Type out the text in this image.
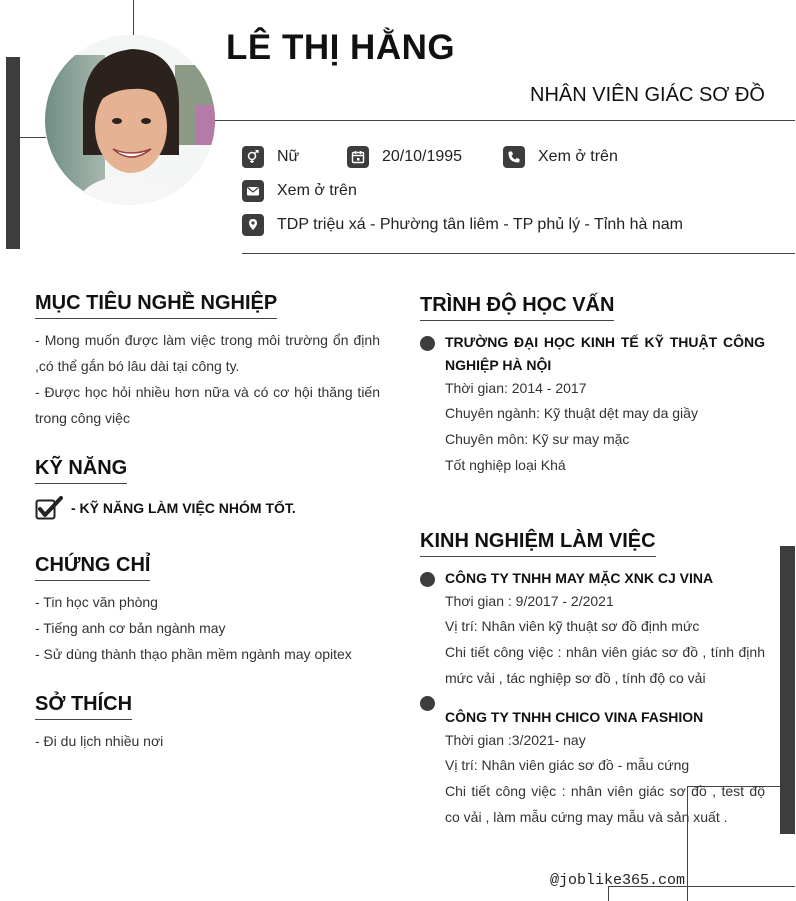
LÊ THỊ HẰNG
NHÂN VIÊN GIÁC SƠ ĐỒ
Nữ	20/10/1995	Xem ở trên
Xem ở trên
TDP triệu xá - Phường tân liêm - TP phủ lý - Tỉnh hà nam
MỤC TIÊU NGHỀ NGHIỆP
- Mong muốn được làm việc trong môi trường ổn định ,có thể gắn bó lâu dài tại công ty.
- Được học hỏi nhiều hơn nữa và có cơ hội thăng tiến trong công việc
KỸ NĂNG
- KỸ NĂNG LÀM VIỆC NHÓM TỐT.
CHỨNG CHỈ
- Tin học văn phòng
- Tiếng anh cơ bản ngành may
- Sử dùng thành thạo phần mềm ngành may opitex
SỞ THÍCH
- Đi du lịch nhiều nơi
TRÌNH ĐỘ HỌC VẤN
TRƯỜNG ĐẠI HỌC KINH TẾ KỸ THUẬT CÔNG NGHIỆP HÀ NỘI
Thời gian: 2014 - 2017
Chuyên ngành: Kỹ thuật dệt may da giầy
Chuyên môn: Kỹ sư may mặc
Tốt nghiệp loại Khá
KINH NGHIỆM LÀM VIỆC
CÔNG TY TNHH MAY MẶC XNK CJ VINA
Thơi gian : 9/2017 - 2/2021
Vị trí: Nhân viên kỹ thuật sơ đồ định mức
Chi tiết công việc : nhân viên giác sơ đồ , tính định mức vải , tác nghiệp sơ đồ , tính độ co vải
CÔNG TY TNHH CHICO VINA FASHION
Thời gian :3/2021- nay
Vị trí: Nhân viên giác sơ đồ - mẫu cứng
Chi tiết công việc : nhân viên giác sơ đồ , test độ co vải , làm mẫu cứng may mẫu và sản xuất .
@joblike365.com
